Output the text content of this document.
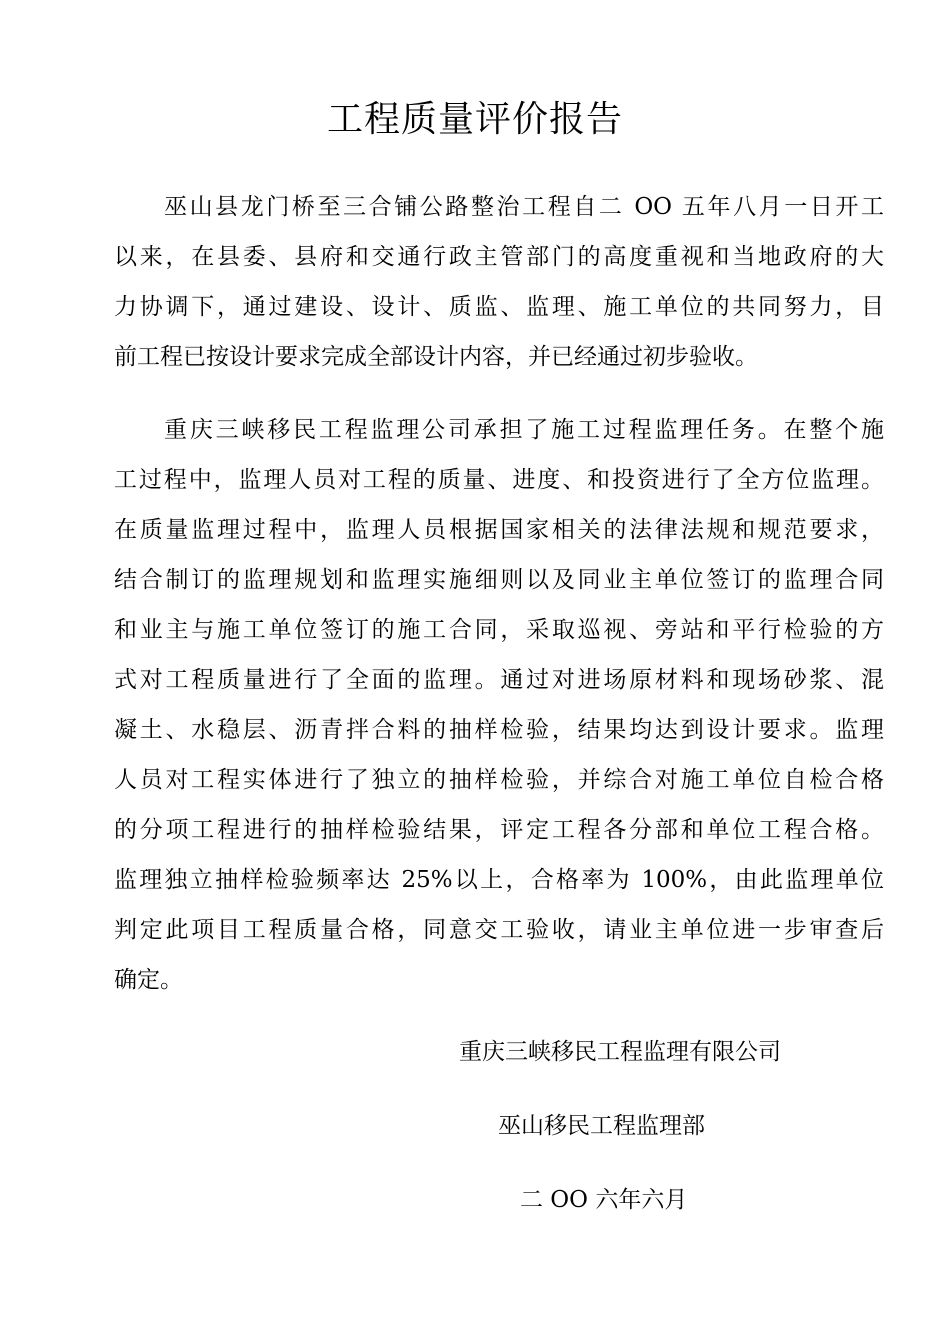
工程质量评价报告
巫山县龙门桥至三合铺公路整治工程自二 OO 五年八月一日开工
以来，在县委、县府和交通行政主管部门的高度重视和当地政府的大
力协调下，通过建设、设计、质监、监理、施工单位的共同努力，目
前工程已按设计要求完成全部设计内容，并已经通过初步验收。
重庆三峡移民工程监理公司承担了施工过程监理任务。在整个施
工过程中，监理人员对工程的质量、进度、和投资进行了全方位监理。
在质量监理过程中，监理人员根据国家相关的法律法规和规范要求，
结合制订的监理规划和监理实施细则以及同业主单位签订的监理合同
和业主与施工单位签订的施工合同，采取巡视、旁站和平行检验的方
式对工程质量进行了全面的监理。通过对进场原材料和现场砂浆、混
凝土、水稳层、沥青拌合料的抽样检验，结果均达到设计要求。监理
人员对工程实体进行了独立的抽样检验，并综合对施工单位自检合格
的分项工程进行的抽样检验结果，评定工程各分部和单位工程合格。
监理独立抽样检验频率达 25%以上，合格率为 100%，由此监理单位
判定此项目工程质量合格，同意交工验收，请业主单位进一步审查后
确定。
重庆三峡移民工程监理有限公司
巫山移民工程监理部
二 OO 六年六月
